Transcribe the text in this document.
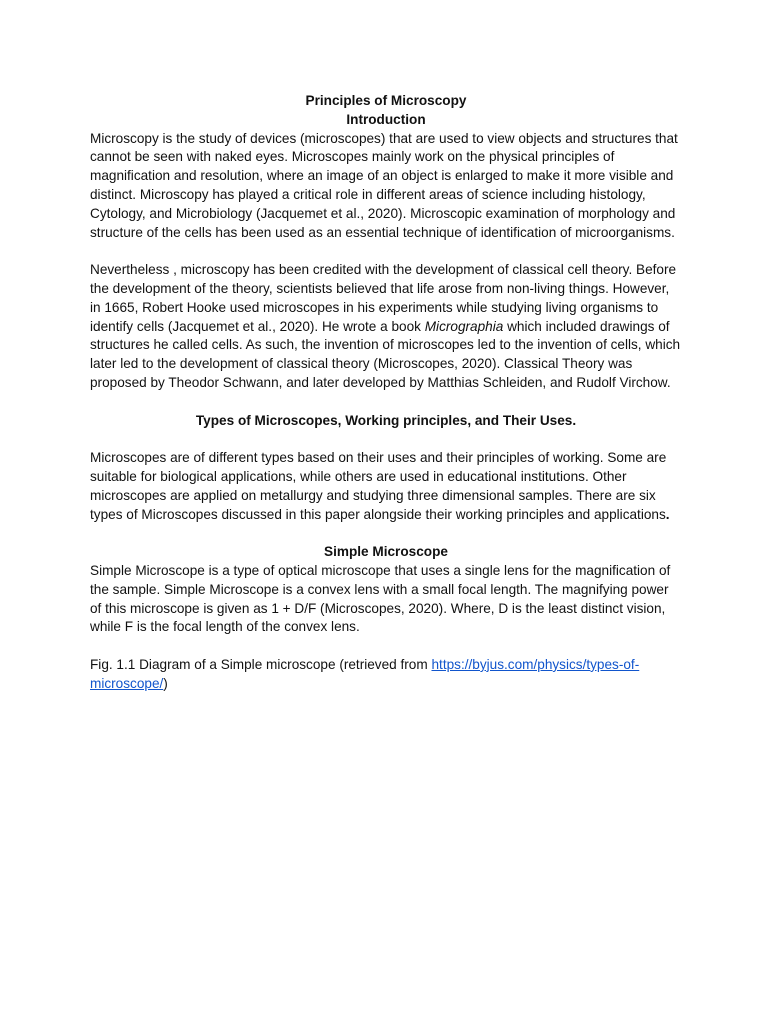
Principles of Microscopy

Introduction

Microscopy is the study of devices (microscopes) that are used to view objects and structures that cannot be seen with naked eyes. Microscopes mainly work on the physical principles of magnification and resolution, where an image of an object is enlarged to make it more visible and distinct. Microscopy has played a critical role in different areas of science including histology, Cytology, and Microbiology (Jacquemet et al., 2020). Microscopic examination of morphology and structure of the cells has been used as an essential technique of identification of microorganisms.

Nevertheless , microscopy has been credited with the development of classical cell theory. Before the development of the theory, scientists believed that life arose from non-living things. However, in 1665, Robert Hooke used microscopes in his experiments while studying living organisms to identify cells (Jacquemet et al., 2020). He wrote a book Micrographia which included drawings of structures he called cells. As such, the invention of microscopes led to the invention of cells, which later led to the development of classical theory (Microscopes, 2020). Classical Theory was proposed by Theodor Schwann, and later developed by Matthias Schleiden, and Rudolf Virchow.

Types of Microscopes, Working principles, and Their Uses.

Microscopes are of different types based on their uses and their principles of working. Some are suitable for biological applications, while others are used in educational institutions. Other microscopes are applied on metallurgy and studying three dimensional samples. There are six types of Microscopes discussed in this paper alongside their working principles and applications.

Simple Microscope

Simple Microscope is a type of optical microscope that uses a single lens for the magnification of the sample. Simple Microscope is a convex lens with a small focal length. The magnifying power of this microscope is given as 1 + D/F (Microscopes, 2020). Where, D is the least distinct vision, while F is the focal length of the convex lens.

Fig. 1.1 Diagram of a Simple microscope (retrieved from https://byjus.com/physics/types-of-microscope/)
